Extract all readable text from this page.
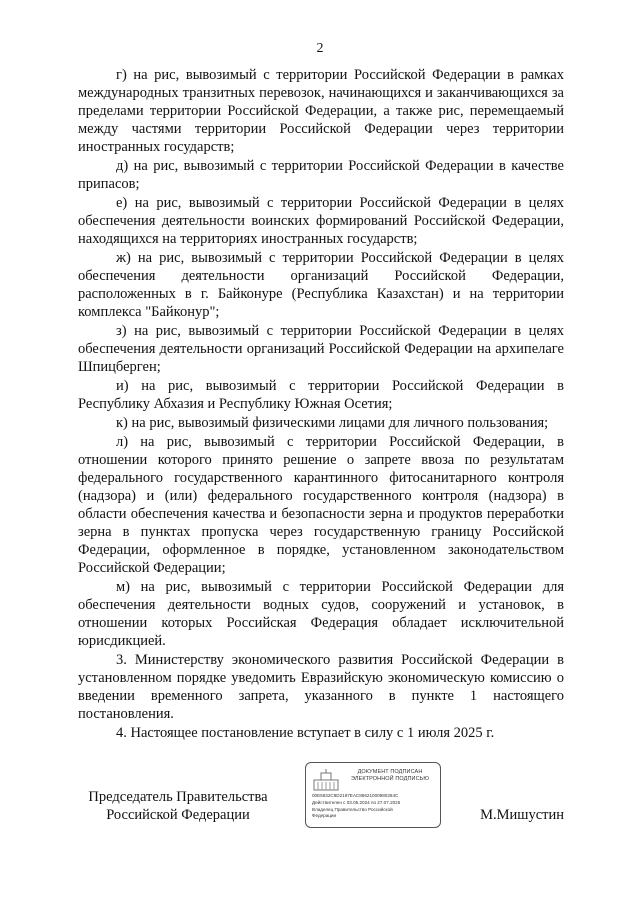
2

г) на рис, вывозимый с территории Российской Федерации в рамках международных транзитных перевозок, начинающихся и заканчивающихся за пределами территории Российской Федерации, а также рис, перемещаемый между частями территории Российской Федерации через территории иностранных государств;

д) на рис, вывозимый с территории Российской Федерации в качестве припасов;

е) на рис, вывозимый с территории Российской Федерации в целях обеспечения деятельности воинских формирований Российской Федерации, находящихся на территориях иностранных государств;

ж) на рис, вывозимый с территории Российской Федерации в целях обеспечения деятельности организаций Российской Федерации, расположенных в г. Байконуре (Республика Казахстан) и на территории комплекса "Байконур";

з) на рис, вывозимый с территории Российской Федерации в целях обеспечения деятельности организаций Российской Федерации на архипелаге Шпицберген;

и) на рис, вывозимый с территории Российской Федерации в Республику Абхазия и Республику Южная Осетия;

к) на рис, вывозимый физическими лицами для личного пользования;

л) на рис, вывозимый с территории Российской Федерации, в отношении которого принято решение о запрете ввоза по результатам федерального государственного карантинного фитосанитарного контроля (надзора) и (или) федерального государственного контроля (надзора) в области обеспечения качества и безопасности зерна и продуктов переработки зерна в пунктах пропуска через государственную границу Российской Федерации, оформленное в порядке, установленном законодательством Российской Федерации;

м) на рис, вывозимый с территории Российской Федерации для обеспечения деятельности водных судов, сооружений и установок, в отношении которых Российская Федерация обладает исключительной юрисдикцией.

3. Министерству экономического развития Российской Федерации в установленном порядке уведомить Евразийскую экономическую комиссию о введении временного запрета, указанного в пункте 1 настоящего постановления.

4. Настоящее постановление вступает в силу с 1 июля 2025 г.

Председатель Правительства
Российской Федерации
ДОКУМЕНТ ПОДПИСАН
ЭЛЕКТРОННОЙ ПОДПИСЬЮ
00E5832C8D2197EAC88621000980284C
Действителен с 03.05.2024 по 27.07.2025
Владелец Правительство Российской
Федерации	М.Мишустин
